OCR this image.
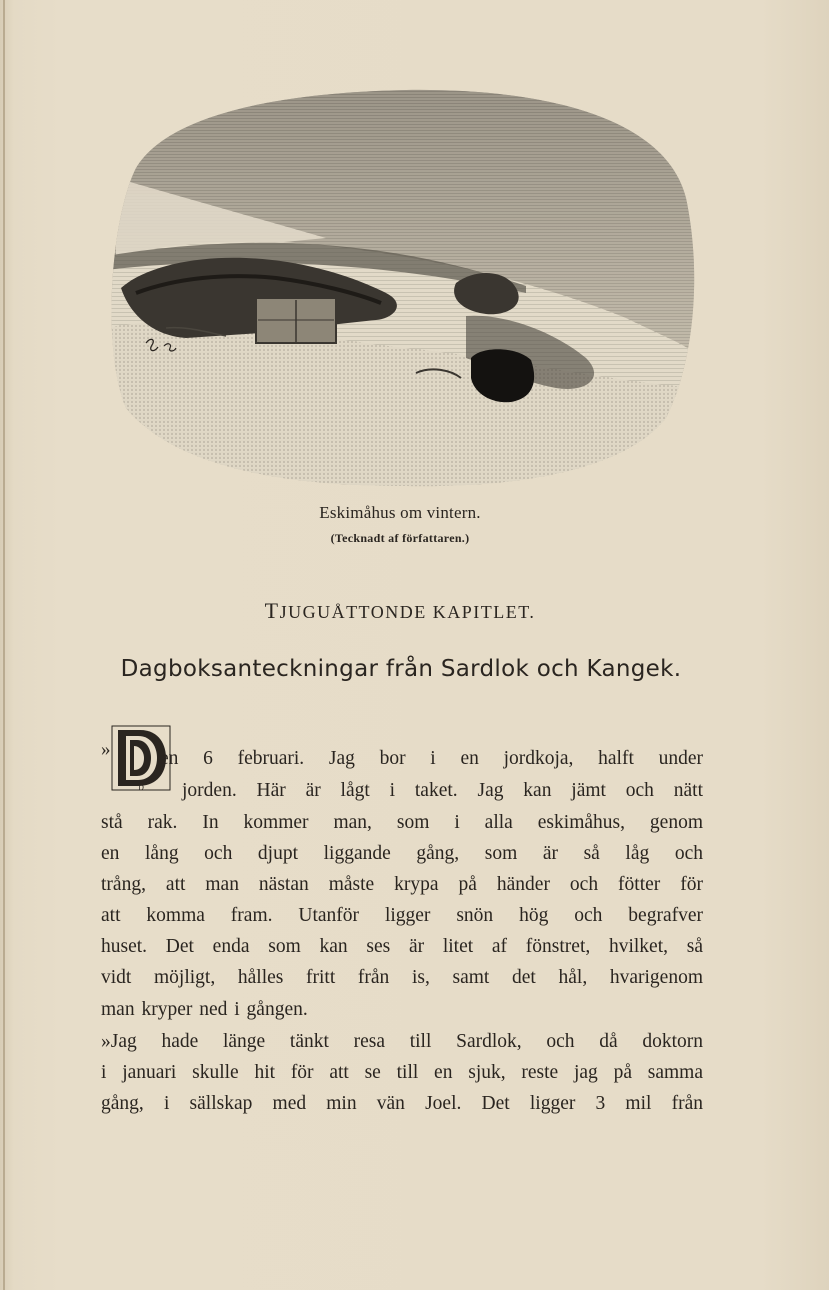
Eskimåhus om vintern.
(Tecknadt af författaren.)
TJUGUÅTTONDE KAPITLET.
Dagboksanteckningar från Sardlok och Kangek.
»
D
en 6 februari. Jag bor i en jordkoja, halft under
jorden. Här är lågt i taket. Jag kan jämt och nätt
stå rak. In kommer man, som i alla eskimåhus, genom
en lång och djupt liggande gång, som är så låg och
trång, att man nästan måste krypa på händer och fötter för
att komma fram. Utanför ligger snön hög och begrafver
huset. Det enda som kan ses är litet af fönstret, hvilket, så
vidt möjligt, hålles fritt från is, samt det hål, hvarigenom
man kryper ned i gången.
»Jag hade länge tänkt resa till Sardlok, och då doktorn
i januari skulle hit för att se till en sjuk, reste jag på samma
gång, i sällskap med min vän Joel. Det ligger 3 mil från
